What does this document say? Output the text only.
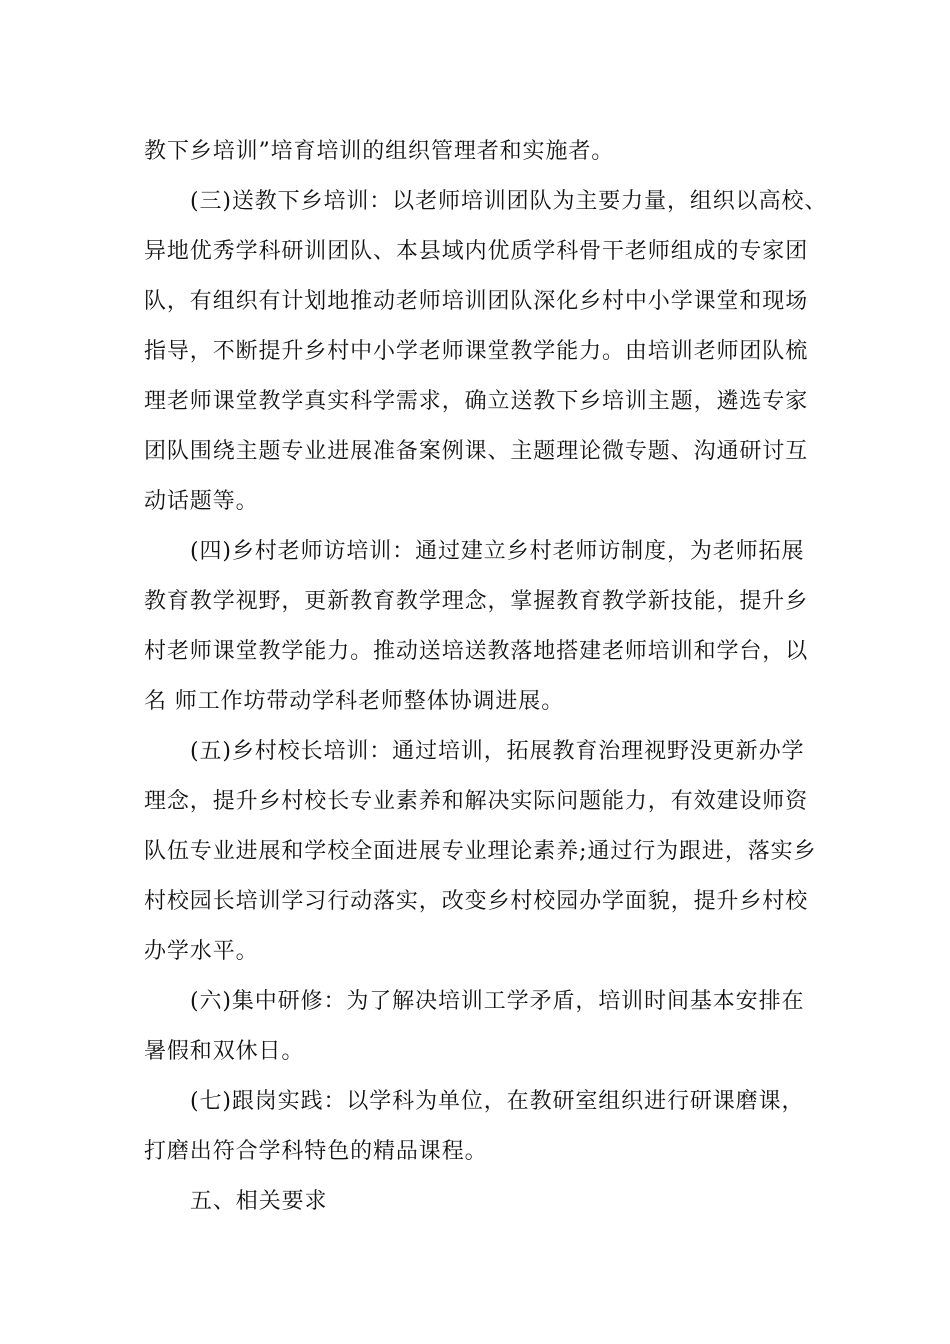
教下乡培训”培育培训的组织管理者和实施者。
(三)送教下乡培训：以老师培训团队为主要力量，组织以高校、
异地优秀学科研训团队、本县域内优质学科骨干老师组成的专家团
队，有组织有计划地推动老师培训团队深化乡村中小学课堂和现场
指导，不断提升乡村中小学老师课堂教学能力。由培训老师团队梳
理老师课堂教学真实科学需求，确立送教下乡培训主题，遴选专家
团队围绕主题专业进展准备案例课、主题理论微专题、沟通研讨互
动话题等。
(四)乡村老师访培训：通过建立乡村老师访制度，为老师拓展
教育教学视野，更新教育教学理念，掌握教育教学新技能，提升乡
村老师课堂教学能力。推动送培送教落地搭建老师培训和学台，以
名 师工作坊带动学科老师整体协调进展。
(五)乡村校长培训：通过培训，拓展教育治理视野没更新办学
理念，提升乡村校长专业素养和解决实际问题能力，有效建设师资
队伍专业进展和学校全面进展专业理论素养;通过行为跟进，落实乡
村校园长培训学习行动落实，改变乡村校园办学面貌，提升乡村校
办学水平。
(六)集中研修：为了解决培训工学矛盾，培训时间基本安排在
暑假和双休日。
(七)跟岗实践：以学科为单位，在教研室组织进行研课磨课，
打磨出符合学科特色的精品课程。
五、相关要求
